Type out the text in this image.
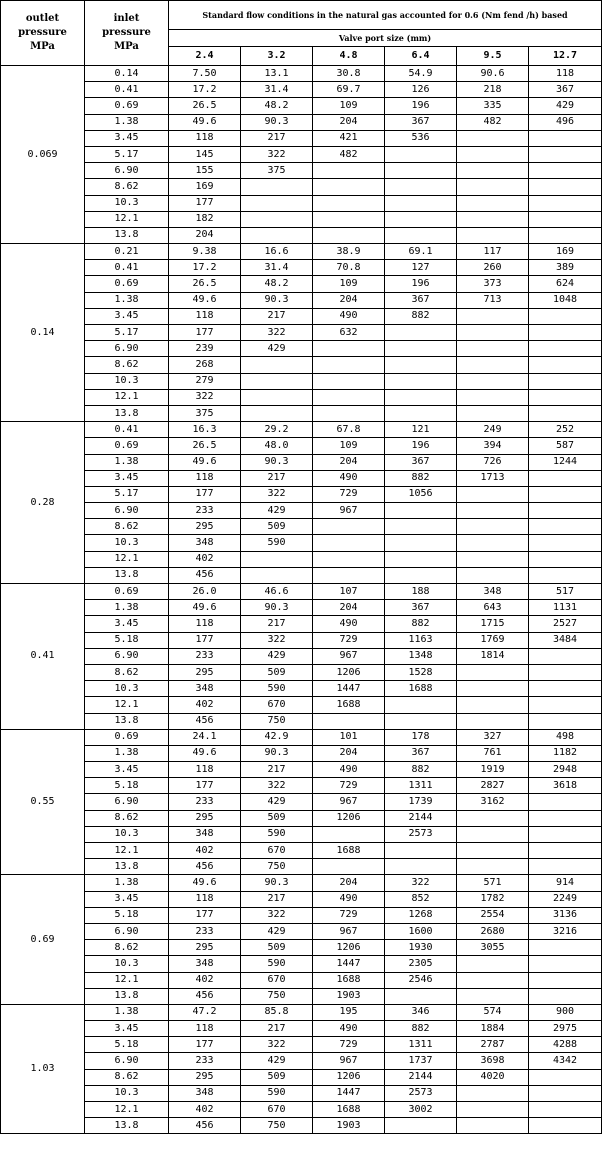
outlet
pressure
MPa	inlet
pressure
MPa	Standard flow conditions in the natural gas accounted for 0.6 (Nm fend /h) based					
		Valve port size (mm)					
		2.4	3.2	4.8	6.4	9.5	12.7
0.069	0.14	7.50	13.1	30.8	54.9	90.6	118
	0.41	17.2	31.4	69.7	126	218	367
	0.69	26.5	48.2	109	196	335	429
	1.38	49.6	90.3	204	367	482	496
	3.45	118	217	421	536		
	5.17	145	322	482			
	6.90	155	375				
	8.62	169					
	10.3	177					
	12.1	182					
	13.8	204					
0.14	0.21	9.38	16.6	38.9	69.1	117	169
	0.41	17.2	31.4	70.8	127	260	389
	0.69	26.5	48.2	109	196	373	624
	1.38	49.6	90.3	204	367	713	1048
	3.45	118	217	490	882		
	5.17	177	322	632			
	6.90	239	429				
	8.62	268					
	10.3	279					
	12.1	322					
	13.8	375					
0.28	0.41	16.3	29.2	67.8	121	249	252
	0.69	26.5	48.0	109	196	394	587
	1.38	49.6	90.3	204	367	726	1244
	3.45	118	217	490	882	1713	
	5.17	177	322	729	1056		
	6.90	233	429	967			
	8.62	295	509				
	10.3	348	590				
	12.1	402					
	13.8	456					
0.41	0.69	26.0	46.6	107	188	348	517
	1.38	49.6	90.3	204	367	643	1131
	3.45	118	217	490	882	1715	2527
	5.18	177	322	729	1163	1769	3484
	6.90	233	429	967	1348	1814	
	8.62	295	509	1206	1528		
	10.3	348	590	1447	1688		
	12.1	402	670	1688			
	13.8	456	750				
0.55	0.69	24.1	42.9	101	178	327	498
	1.38	49.6	90.3	204	367	761	1182
	3.45	118	217	490	882	1919	2948
	5.18	177	322	729	1311	2827	3618
	6.90	233	429	967	1739	3162	
	8.62	295	509	1206	2144		
	10.3	348	590		2573		
	12.1	402	670	1688			
	13.8	456	750				
0.69	1.38	49.6	90.3	204	322	571	914
	3.45	118	217	490	852	1782	2249
	5.18	177	322	729	1268	2554	3136
	6.90	233	429	967	1600	2680	3216
	8.62	295	509	1206	1930	3055	
	10.3	348	590	1447	2305		
	12.1	402	670	1688	2546		
	13.8	456	750	1903			
1.03	1.38	47.2	85.8	195	346	574	900
	3.45	118	217	490	882	1884	2975
	5.18	177	322	729	1311	2787	4288
	6.90	233	429	967	1737	3698	4342
	8.62	295	509	1206	2144	4020	
	10.3	348	590	1447	2573		
	12.1	402	670	1688	3002		
	13.8	456	750	1903			
